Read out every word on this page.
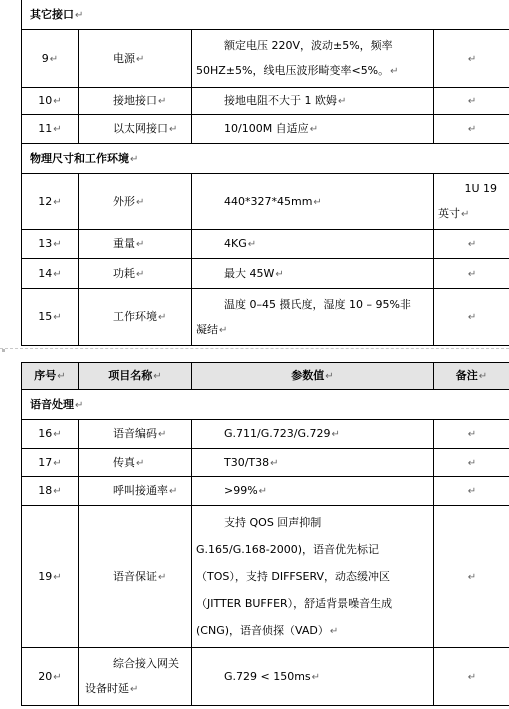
其它接口↵			
9↵	电源↵	额定电压 220V，波动±5%，频率
50HZ±5%，线电压波形畸变率<5%。↵	↵
10↵	接地接口↵	接地电阻不大于 1 欧姆↵	↵
11↵	以太网接口↵	10/100M 自适应↵	↵
物理尺寸和工作环境↵			
12↵	外形↵	440*327*45mm↵	1U 19
英寸↵

13↵	重量↵	4KG↵	↵
14↵	功耗↵	最大 45W↵	↵
15↵	工作环境↵	温度 0–45 摄氏度，湿度 10 – 95%非
凝结↵	↵
序号↵	项目名称↵	参数值↵	备注↵
语音处理↵			
16↵	语音编码↵	G.711/G.723/G.729↵	↵
17↵	传真↵	T30/T38↵	↵
18↵	呼叫接通率↵	>99%↵	↵
19↵	语音保证↵	支持 QOS 回声抑制
G.165/G.168-2000)，语音优先标记
（TOS），支持 DIFFSERV，动态缓冲区
（JITTER BUFFER），舒适背景噪音生成
(CNG)，语音侦探（VAD）↵	↵
20↵	综合接入网关
设备时延↵	G.729 < 150ms↵	↵
